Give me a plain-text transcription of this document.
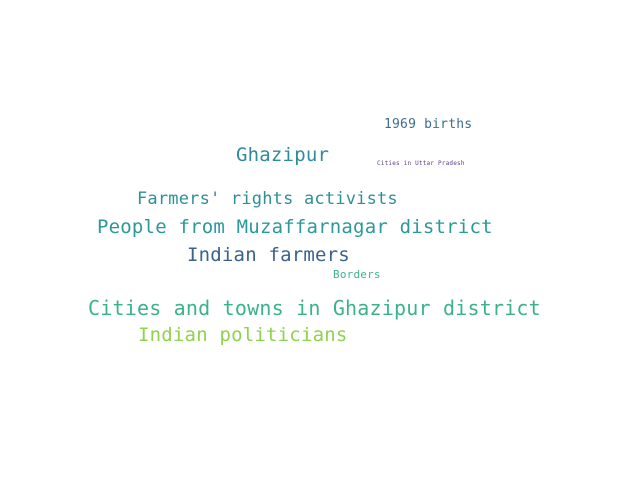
1969 births
Ghazipur	Cities in Uttar Pradesh
Farmers' rights activists
People from Muzaffarnagar district
Indian farmers
Borders
Cities and towns in Ghazipur district
Indian politicians
